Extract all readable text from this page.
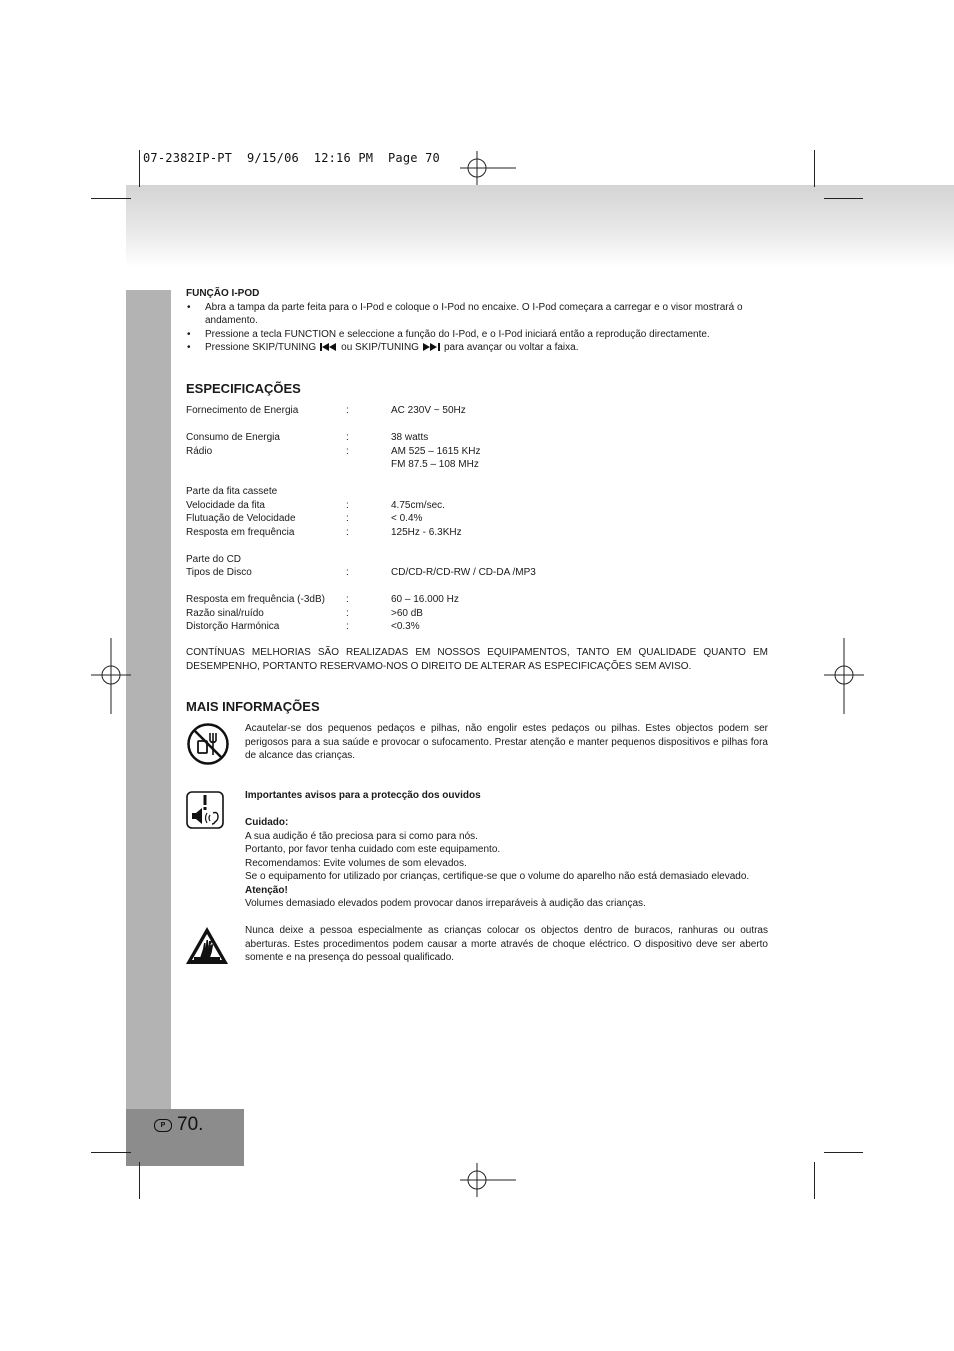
07-2382IP-PT  9/15/06  12:16 PM  Page 70
P 70.
FUNÇÃO I-POD
• Abra a tampa da parte feita para o I-Pod e coloque o I-Pod no encaixe. O I-Pod começara a carregar e o visor mostrará o andamento.
• Pressione a tecla FUNCTION e seleccione a função do I-Pod, e o I-Pod iniciará então a reprodução directamente.
• Pressione SKIP/TUNING	ou SKIP/TUNING	para avançar ou voltar a faixa.
ESPECIFICAÇÕES
Fornecimento de Energia	:	AC 230V ~ 50Hz
Consumo de Energia	:	38 watts
Rádio	:	AM 525 – 1615 KHz
FM 87.5 – 108 MHz
Parte da fita cassete
Velocidade da fita	:	4.75cm/sec.
Flutuação de Velocidade	:	< 0.4%
Resposta em frequência	:	125Hz - 6.3KHz
Parte do CD
Tipos de Disco	:	CD/CD-R/CD-RW / CD-DA /MP3
Resposta em frequência (-3dB) :	60 – 16.000 Hz
Razão sinal/ruído	:	>60 dB
Distorção Harmónica	:	<0.3%
CONTÍNUAS MELHORIAS SÃO REALIZADAS EM NOSSOS EQUIPAMENTOS, TANTO EM QUALIDADE QUANTO EM DESEMPENHO, PORTANTO RESERVAMO-NOS O DIREITO DE ALTERAR AS ESPECIFICAÇÕES SEM AVISO.
MAIS INFORMAÇÕES
Acautelar-se dos pequenos pedaços e pilhas, não engolir estes pedaços ou pilhas. Estes objectos podem ser perigosos para a sua saúde e provocar o sufocamento. Prestar atenção e manter pequenos dispositivos e pilhas fora de alcance das crianças.
Importantes avisos para a protecção dos ouvidos
Cuidado:
A sua audição é tão preciosa para si como para nós.
Portanto, por favor tenha cuidado com este equipamento.
Recomendamos: Evite volumes de som elevados.
Se o equipamento for utilizado por crianças, certifique-se que o volume do aparelho não está demasiado elevado.
Atenção!
Volumes demasiado elevados podem provocar danos irreparáveis à audição das crianças.
Nunca deixe a pessoa especialmente as crianças colocar os objectos dentro de buracos, ranhuras ou outras aberturas. Estes procedimentos podem causar a morte através de choque eléctrico. O dispositivo deve ser aberto somente e na presença do pessoal qualificado.
